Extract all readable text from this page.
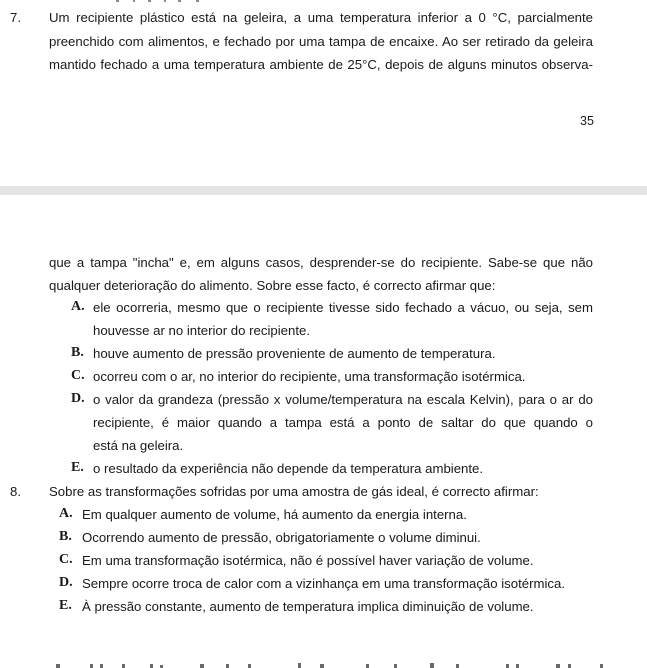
7. Um recipiente plástico está na geleira, a uma temperatura inferior a 0 °C, parcialmente
preenchido com alimentos, e fechado por uma tampa de encaixe. Ao ser retirado da geleira
mantido fechado a uma temperatura ambiente de 25°C, depois de alguns minutos observa-
35
que a tampa "incha" e, em alguns casos, desprender-se do recipiente. Sabe-se que não
qualquer deterioração do alimento. Sobre esse facto, é correcto afirmar que:
A. ele ocorreria, mesmo que o recipiente tivesse sido fechado a vácuo, ou seja, sem
houvesse ar no interior do recipiente.
B. houve aumento de pressão proveniente de aumento de temperatura.
C. ocorreu com o ar, no interior do recipiente, uma transformação isotérmica.
D. o valor da grandeza (pressão x volume/temperatura na escala Kelvin), para o ar do
recipiente, é maior quando a tampa está a ponto de saltar do que quando o
está na geleira.
E. o resultado da experiência não depende da temperatura ambiente.
8. Sobre as transformações sofridas por uma amostra de gás ideal, é correcto afirmar:
A. Em qualquer aumento de volume, há aumento da energia interna.
B. Ocorrendo aumento de pressão, obrigatoriamente o volume diminui.
C. Em uma transformação isotérmica, não é possível haver variação de volume.
D. Sempre ocorre troca de calor com a vizinhança em uma transformação isotérmica.
E. À pressão constante, aumento de temperatura implica diminuição de volume.
